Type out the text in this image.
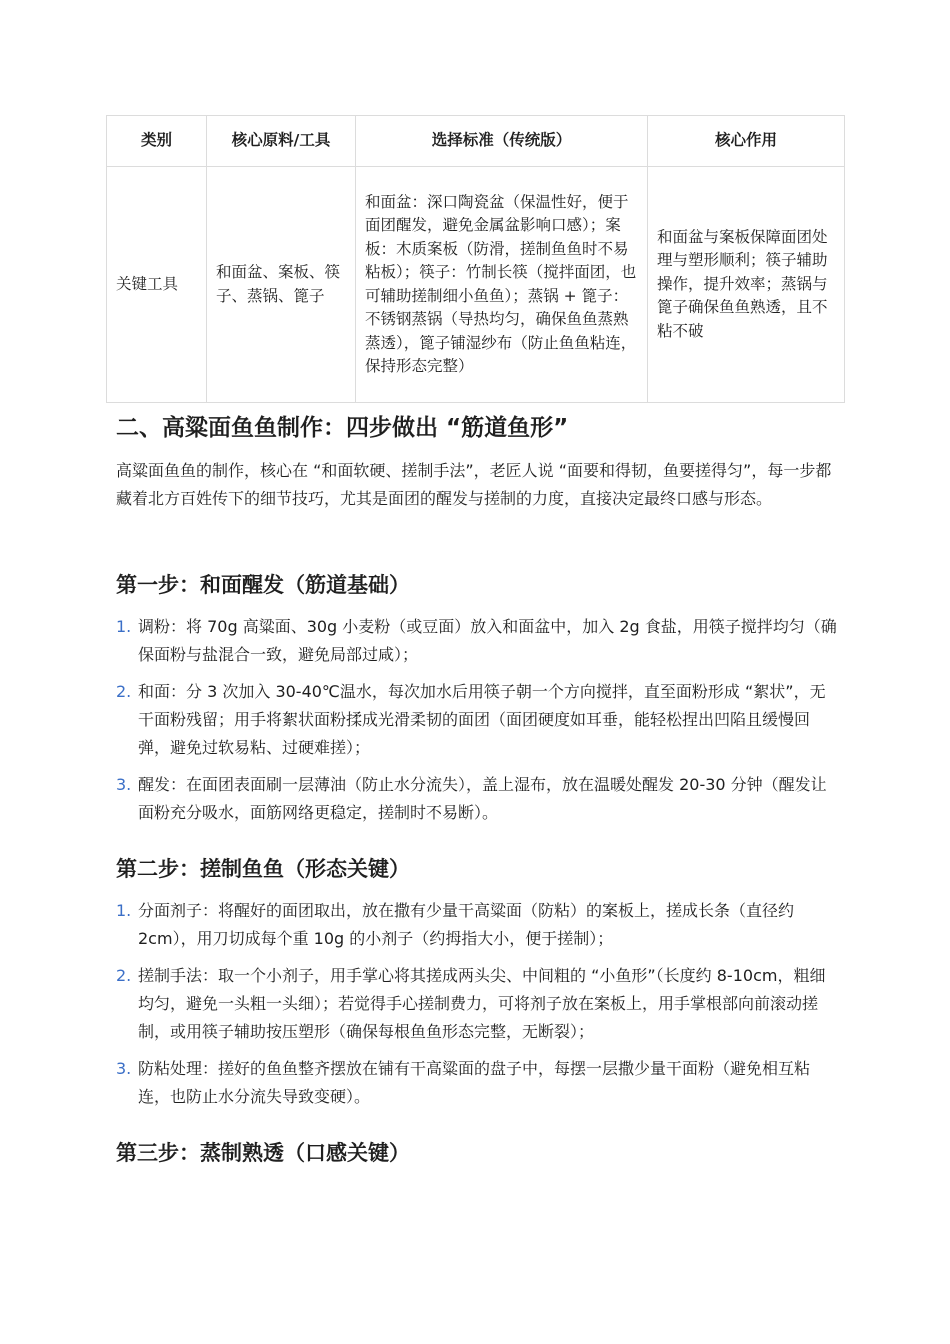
类别	核心原料/工具	选择标准（传统版）	核心作用
关键工具	和面盆、案板、筷子、蒸锅、篦子	和面盆：深口陶瓷盆（保温性好，便于面团醒发，避免金属盆影响口感）；案板：木质案板（防滑，搓制鱼鱼时不易粘板）；筷子：竹制长筷（搅拌面团，也可辅助搓制细小鱼鱼）；蒸锅 + 篦子：不锈钢蒸锅（导热均匀，确保鱼鱼蒸熟蒸透），篦子铺湿纱布（防止鱼鱼粘连，保持形态完整）	和面盆与案板保障面团处理与塑形顺利；筷子辅助操作，提升效率；蒸锅与篦子确保鱼鱼熟透，且不粘不破
二、高粱面鱼鱼制作：四步做出 “筋道鱼形”

高粱面鱼鱼的制作，核心在 “和面软硬、搓制手法”，老匠人说 “面要和得韧，鱼要搓得匀”，每一步都藏着北方百姓传下的细节技巧，尤其是面团的醒发与搓制的力度，直接决定最终口感与形态。

第一步：和面醒发（筋道基础）
1. 调粉：将 70g 高粱面、30g 小麦粉（或豆面）放入和面盆中，加入 2g 食盐，用筷子搅拌均匀（确保面粉与盐混合一致，避免局部过咸）；
2. 和面：分 3 次加入 30-40℃温水，每次加水后用筷子朝一个方向搅拌，直至面粉形成 “絮状”，无干面粉残留；用手将絮状面粉揉成光滑柔韧的面团（面团硬度如耳垂，能轻松捏出凹陷且缓慢回弹，避免过软易粘、过硬难搓）；
3. 醒发：在面团表面刷一层薄油（防止水分流失），盖上湿布，放在温暖处醒发 20-30 分钟（醒发让面粉充分吸水，面筋网络更稳定，搓制时不易断）。
第二步：搓制鱼鱼（形态关键）
1. 分面剂子：将醒好的面团取出，放在撒有少量干高粱面（防粘）的案板上，搓成长条（直径约 2cm），用刀切成每个重 10g 的小剂子（约拇指大小，便于搓制）；
2. 搓制手法：取一个小剂子，用手掌心将其搓成两头尖、中间粗的 “小鱼形”（长度约 8-10cm，粗细均匀，避免一头粗一头细）；若觉得手心搓制费力，可将剂子放在案板上，用手掌根部向前滚动搓制，或用筷子辅助按压塑形（确保每根鱼鱼形态完整，无断裂）；
3. 防粘处理：搓好的鱼鱼整齐摆放在铺有干高粱面的盘子中，每摆一层撒少量干面粉（避免相互粘连，也防止水分流失导致变硬）。
第三步：蒸制熟透（口感关键）
